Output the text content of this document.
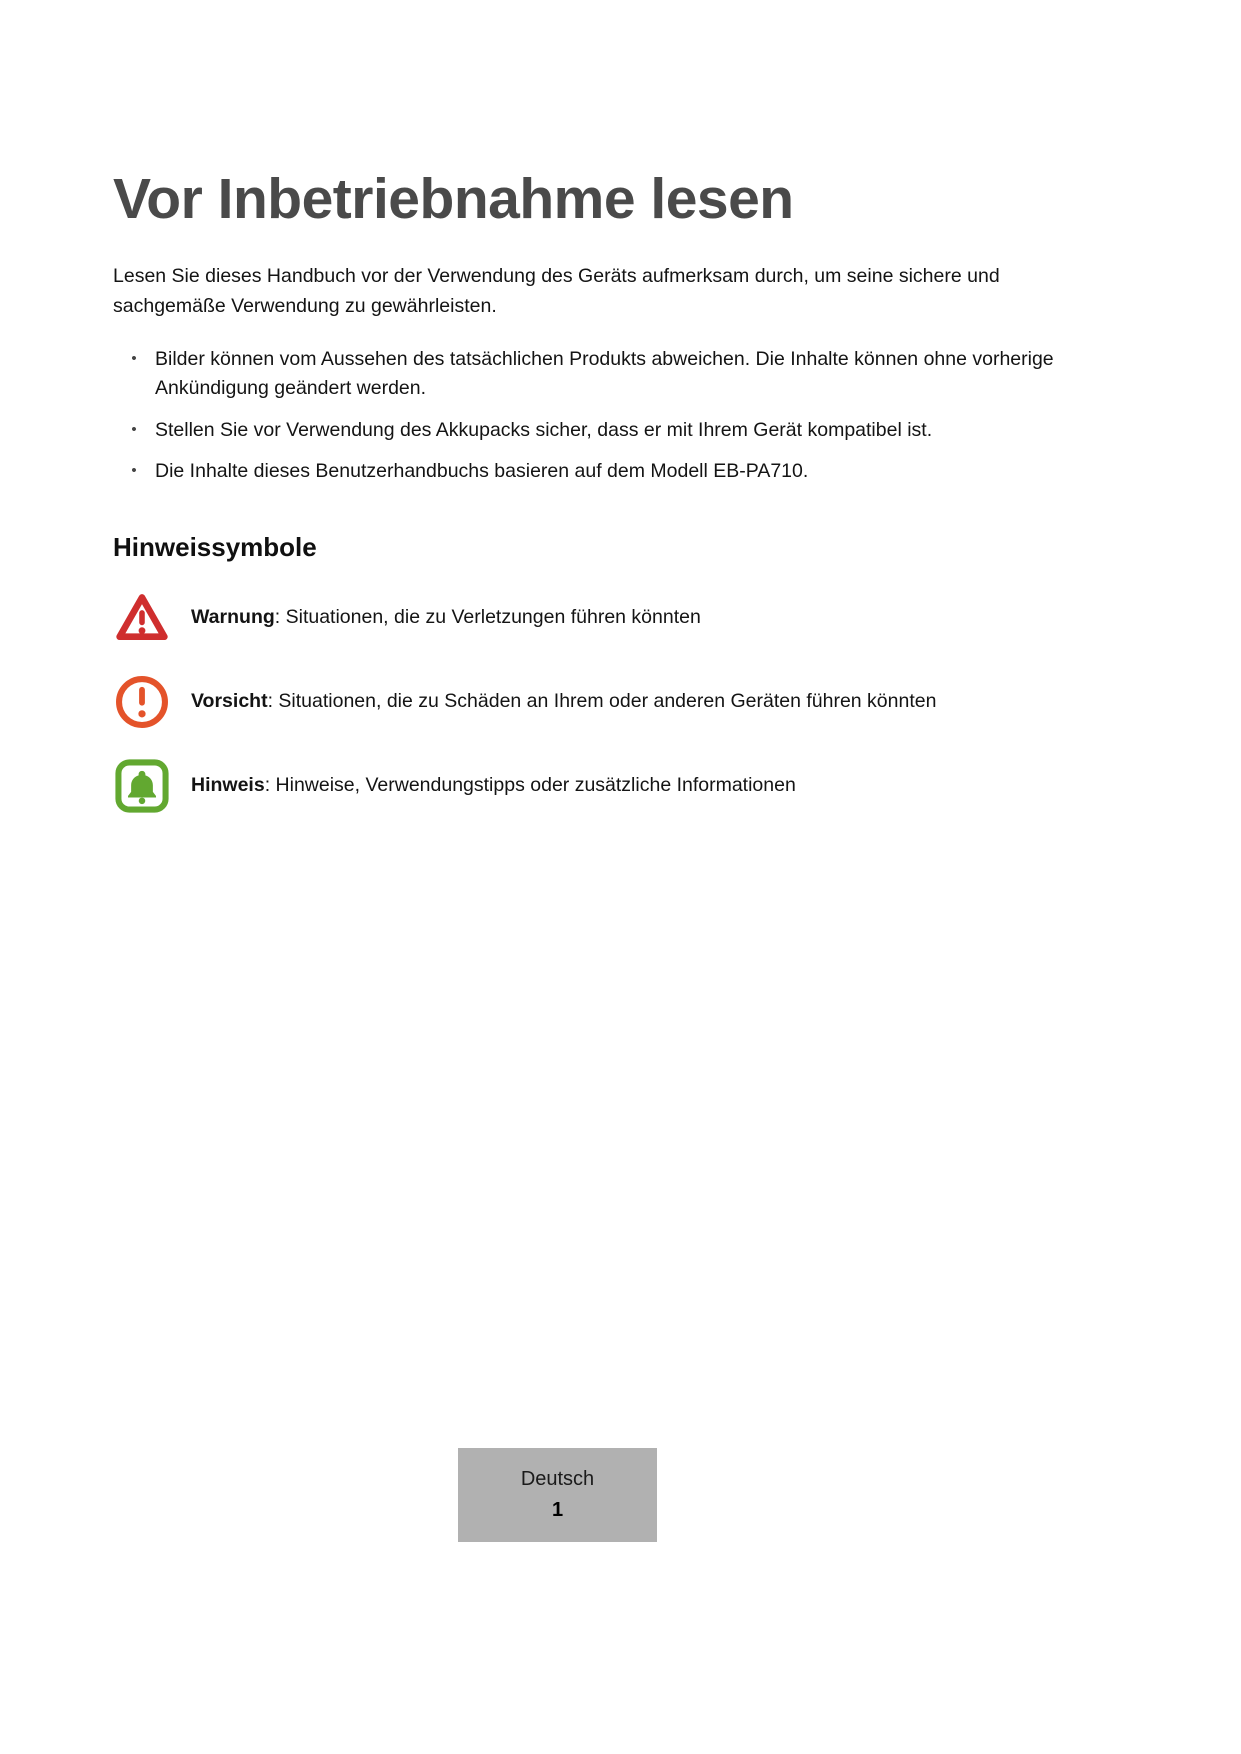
Vor Inbetriebnahme lesen

Lesen Sie dieses Handbuch vor der Verwendung des Geräts aufmerksam durch, um seine sichere und sachgemäße Verwendung zu gewährleisten.

• Bilder können vom Aussehen des tatsächlichen Produkts abweichen. Die Inhalte können ohne vorherige Ankündigung geändert werden.
• Stellen Sie vor Verwendung des Akkupacks sicher, dass er mit Ihrem Gerät kompatibel ist.
• Die Inhalte dieses Benutzerhandbuchs basieren auf dem Modell EB-PA710.
Hinweissymbole
Warnung: Situationen, die zu Verletzungen führen könnten
Vorsicht: Situationen, die zu Schäden an Ihrem oder anderen Geräten führen könnten
Hinweis: Hinweise, Verwendungstipps oder zusätzliche Informationen
Deutsch
1
